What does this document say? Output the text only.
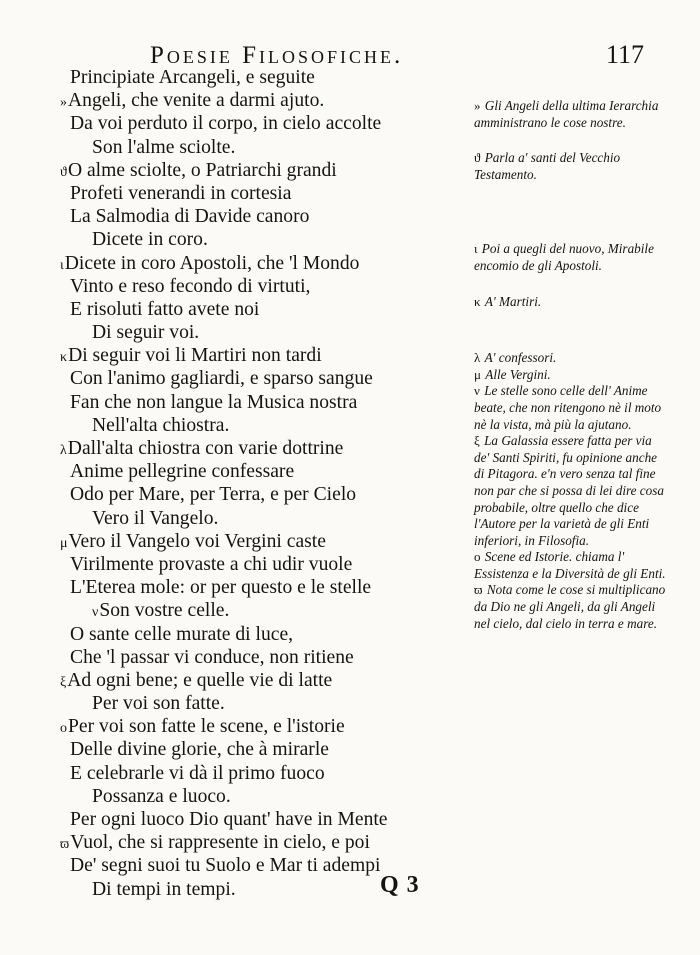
Poesie Filosofiche.	117
Principiate Arcangeli, e seguite
»Angeli, che venite a darmi ajuto.
Da voi perduto il corpo, in cielo accolte
Son l'alme sciolte.
ϑO alme sciolte, o Patriarchi grandi
Profeti venerandi in cortesia
La Salmodia di Davide canoro
Dicete in coro.
ιDicete in coro Apostoli, che 'l Mondo
Vinto e reso fecondo di virtuti,
E risoluti fatto avete noi
Di seguir voi.
κDi seguir voi li Martiri non tardi
Con l'animo gagliardi, e sparso sangue
Fan che non langue la Musica nostra
Nell'alta chiostra.
λDall'alta chiostra con varie dottrine
Anime pellegrine confessare
Odo per Mare, per Terra, e per Cielo
Vero il Vangelo.
μVero il Vangelo voi Vergini caste
Virilmente provaste a chi udir vuole
L'Eterea mole: or per questo e le stelle
νSon vostre celle.
O sante celle murate di luce,
Che 'l passar vi conduce, non ritiene
ξAd ogni bene; e quelle vie di latte
Per voi son fatte.
οPer voi son fatte le scene, e l'istorie
Delle divine glorie, che à mirarle
E celebrarle vi dà il primo fuoco
Possanza e luoco.
Per ogni luoco Dio quant' have in Mente
ϖVuol, che si rappresente in cielo, e poi
De' segni suoi tu Suolo e Mar ti adempi
Di tempi in tempi.

» Gli Angeli della ultima Ierarchia amministrano le cose nostre.

ϑ Parla a' santi del Vecchio Testamento.

ι Poi a quegli del nuovo, Mirabile encomio de gli Apostoli.

κ A' Martiri.

λ A' confessori.

μ Alle Vergini.

ν Le stelle sono celle dell' Anime beate, che non ritengono nè il moto nè la vista, mà più la ajutano.

ξ La Galassia essere fatta per via de' Santi Spiriti, fu opinione anche di Pitagora. e'n vero senza tal fine non par che si possa di lei dire cosa probabile, oltre quello che dice l'Autore per la varietà de gli Enti inferiori, in Filosofia.

ο Scene ed Istorie. chiama l' Essistenza e la Diversità de gli Enti.

ϖ Nota come le cose si multiplicano da Dio ne gli Angeli, da gli Angeli nel cielo, dal cielo in terra e mare.

Q 3
